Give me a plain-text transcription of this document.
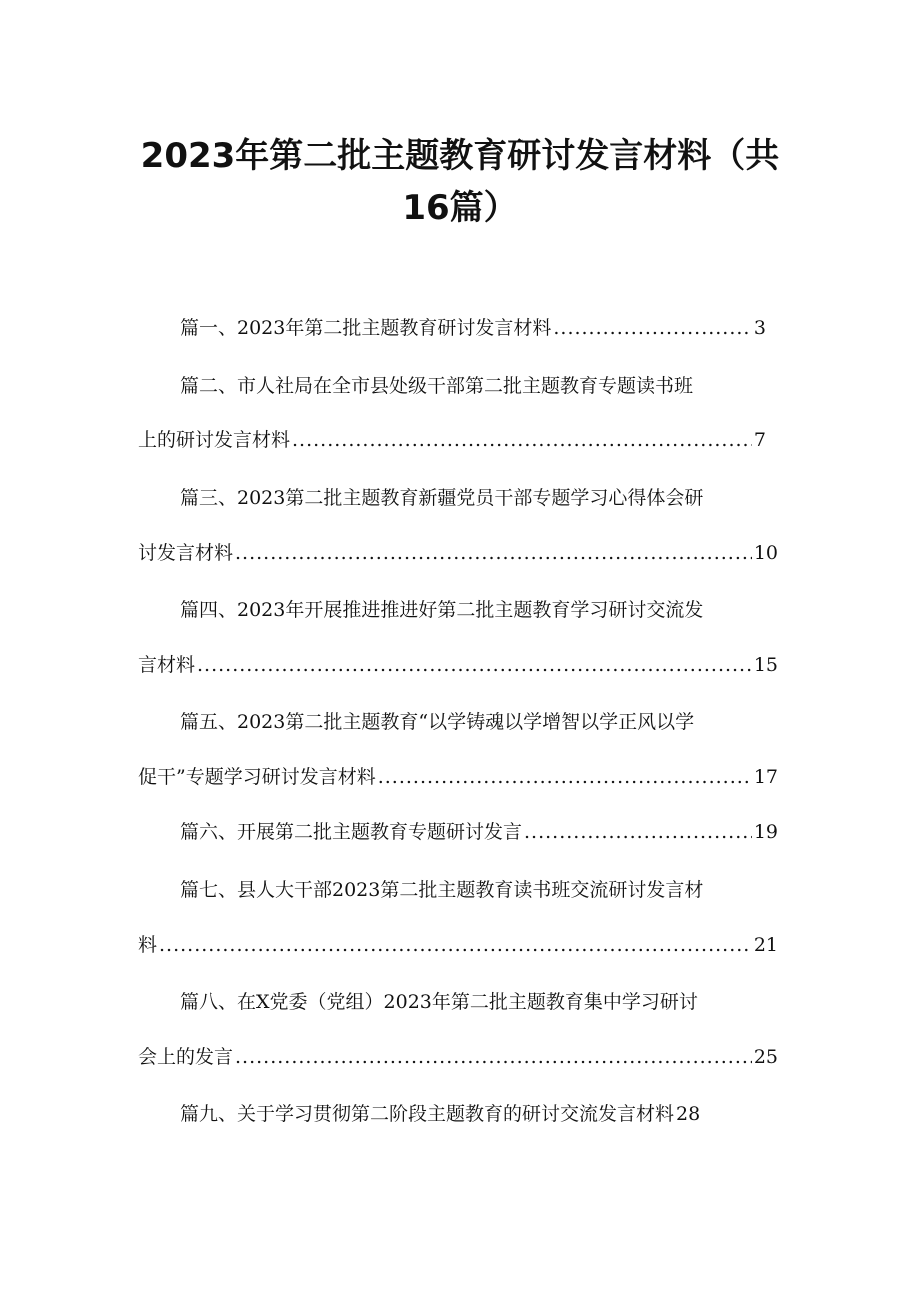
2023年第二批主题教育研讨发言材料（共
16篇）
篇一、2023年第二批主题教育研讨发言材料 .....	3
篇二、市人社局在全市县处级干部第二批主题教育专题读书班
上的研讨发言材料 .....	7
篇三、2023第二批主题教育新疆党员干部专题学习心得体会研
讨发言材料 .....	10
篇四、2023年开展推进推进好第二批主题教育学习研讨交流发
言材料 .....	15
篇五、2023第二批主题教育“以学铸魂以学增智以学正风以学
促干”专题学习研讨发言材料 .....	17
篇六、开展第二批主题教育专题研讨发言 .....	19
篇七、县人大干部2023第二批主题教育读书班交流研讨发言材
料 .....	21
篇八、在X党委（党组）2023年第二批主题教育集中学习研讨
会上的发言 .....	25
篇九、关于学习贯彻第二阶段主题教育的研讨交流发言材料 28
